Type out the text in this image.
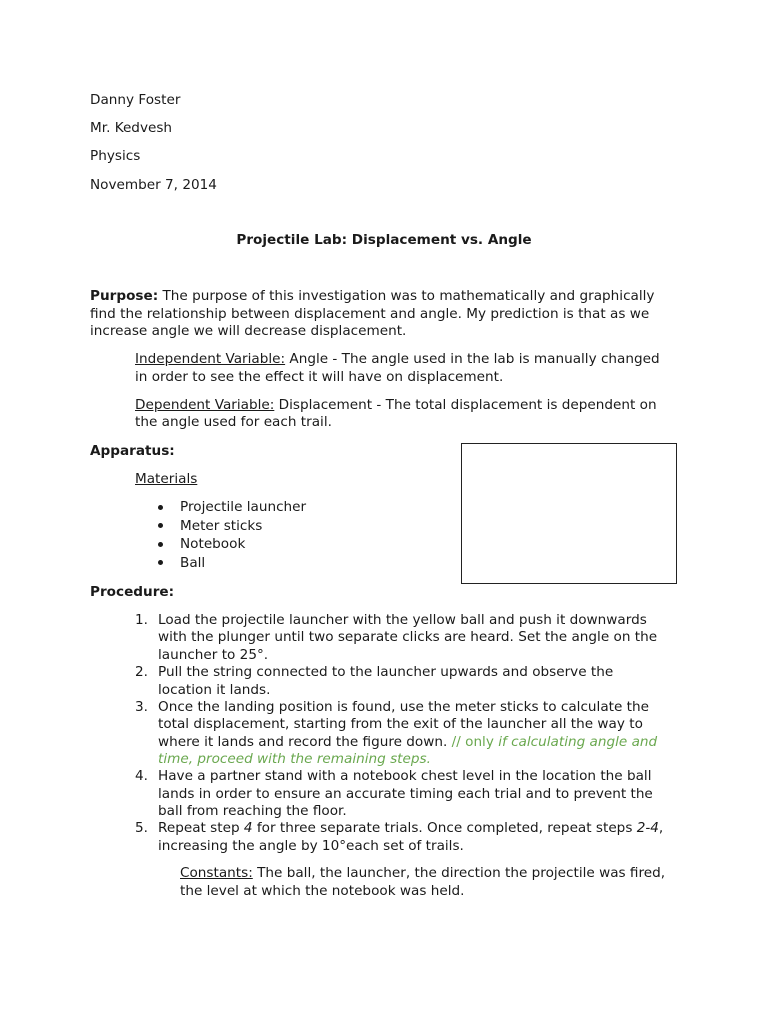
Danny Foster
Mr. Kedvesh
Physics
November 7, 2014
Projectile Lab: Displacement vs. Angle
Purpose: The purpose of this investigation was to mathematically and graphically
find the relationship between displacement and angle. My prediction is that as we
increase angle we will decrease displacement.
Independent Variable: Angle - The angle used in the lab is manually changed
in order to see the effect it will have on displacement.
Dependent Variable: Displacement - The total displacement is dependent on
the angle used for each trail.
Apparatus:
Materials
Projectile launcher
Meter sticks
Notebook
Ball
Procedure:
1. Load the projectile launcher with the yellow ball and push it downwards
with the plunger until two separate clicks are heard. Set the angle on the
launcher to 25°.
2. Pull the string connected to the launcher upwards and observe the
location it lands.
3. Once the landing position is found, use the meter sticks to calculate the
total displacement, starting from the exit of the launcher all the way to
where it lands and record the figure down. // only if calculating angle and
time, proceed with the remaining steps.
4. Have a partner stand with a notebook chest level in the location the ball
lands in order to ensure an accurate timing each trial and to prevent the
ball from reaching the floor.
5. Repeat step 4 for three separate trials. Once completed, repeat steps 2-4,
increasing the angle by 10°each set of trails.
Constants: The ball, the launcher, the direction the projectile was fired,
the level at which the notebook was held.
